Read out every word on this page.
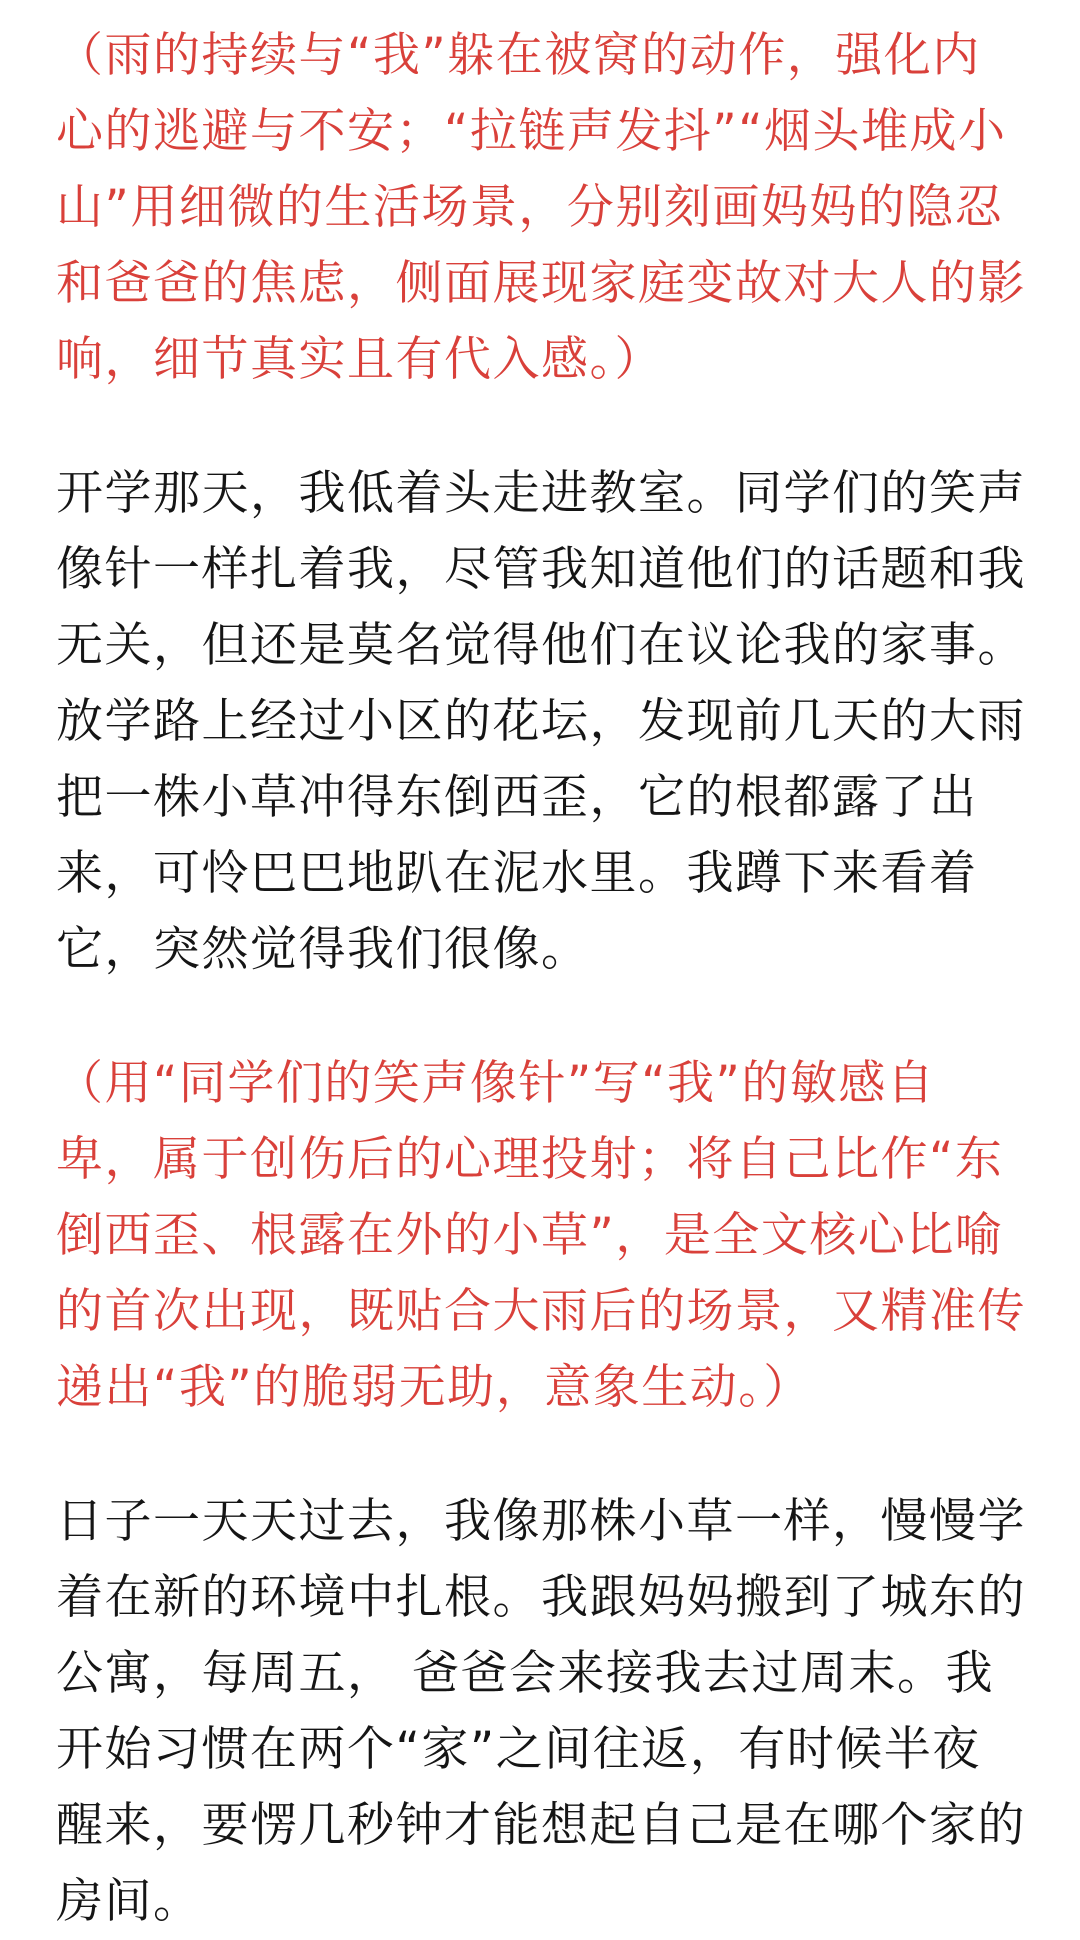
（雨的持续与“我”躲在被窝的动作，强化内
心的逃避与不安；“拉链声发抖”“烟头堆成小
山”用细微的生活场景，分别刻画妈妈的隐忍
和爸爸的焦虑，侧面展现家庭变故对大人的影
响，细节真实且有代入感。）

开学那天，我低着头走进教室。同学们的笑声
像针一样扎着我，尽管我知道他们的话题和我
无关，但还是莫名觉得他们在议论我的家事。
放学路上经过小区的花坛，发现前几天的大雨
把一株小草冲得东倒西歪，它的根都露了出
来，可怜巴巴地趴在泥水里。我蹲下来看着
它，突然觉得我们很像。

（用“同学们的笑声像针”写“我”的敏感自
卑，属于创伤后的心理投射；将自己比作“东
倒西歪、根露在外的小草”，是全文核心比喻
的首次出现，既贴合大雨后的场景，又精准传
递出“我”的脆弱无助，意象生动。）

日子一天天过去，我像那株小草一样，慢慢学
着在新的环境中扎根。我跟妈妈搬到了城东的
公寓，每周五， 爸爸会来接我去过周末。我
开始习惯在两个“家”之间往返，有时候半夜
醒来，要愣几秒钟才能想起自己是在哪个家的
房间。
